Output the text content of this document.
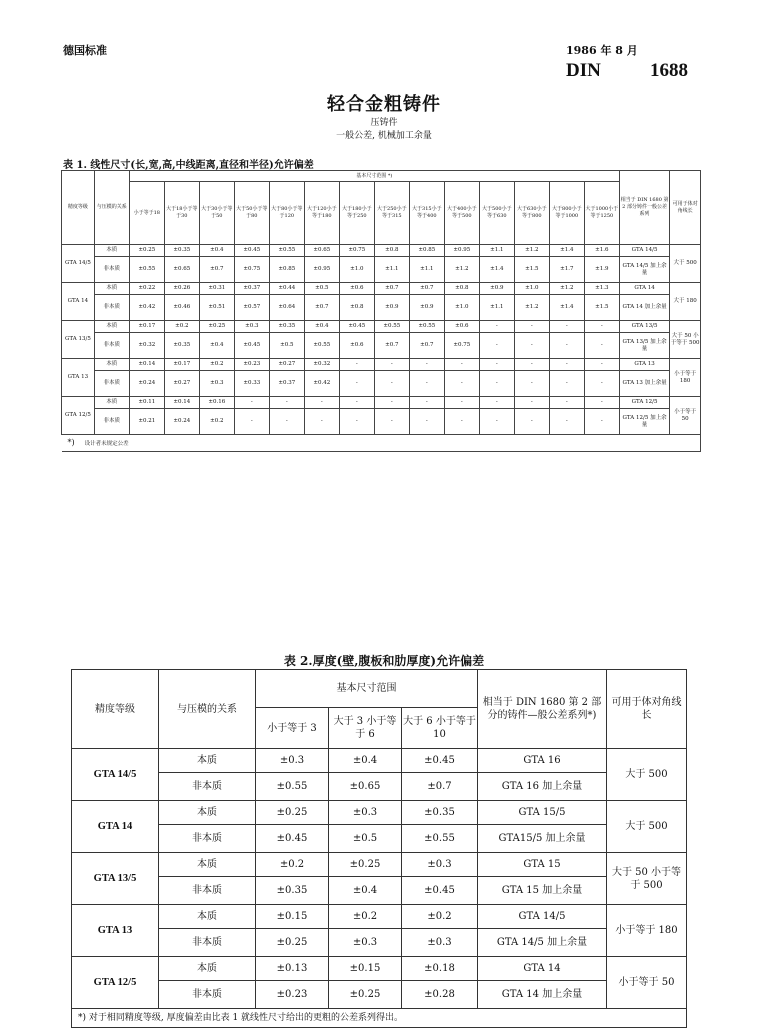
德国标准	1986 年 8 月
DIN	1688
轻合金粗铸件
压铸件
一般公差, 机械加工余量
表 1. 线性尺寸(长,宽,高,中线距离,直径和半径)允许偏差
精度等级	与压模的关系	基本尺寸范围 *)														相当于 DIN 1680 第 2 部分铸件一般公差系列	可用于体对角线长
		小于等于18	大于18小于等于30	大于30小于等于50	大于50小于等于80	大于80小于等于120	大于120小于等于180	大于180小于等于250	大于250小于等于315	大于315小于等于400	大于400小于等于500	大于500小于等于630	大于630小于等于800	大于800小于等于1000	大于1000小于等于1250		
GTA 14/5	本质	±0.25	±0.35	±0.4	±0.45	±0.55	±0.65	±0.75	±0.8	±0.85	±0.95	±1.1	±1.2	±1.4	±1.6	GTA 14/5	大于 500
	非本质	±0.55	±0.65	±0.7	±0.75	±0.85	±0.95	±1.0	±1.1	±1.1	±1.2	±1.4	±1.5	±1.7	±1.9	GTA 14/5 加上余量	
GTA 14	本质	±0.22	±0.26	±0.31	±0.37	±0.44	±0.5	±0.6	±0.7	±0.7	±0.8	±0.9	±1.0	±1.2	±1.3	GTA 14	大于 180
	非本质	±0.42	±0.46	±0.51	±0.57	±0.64	±0.7	±0.8	±0.9	±0.9	±1.0	±1.1	±1.2	±1.4	±1.5	GTA 14 加上余量	
GTA 13/5	本质	±0.17	±0.2	±0.25	±0.3	±0.35	±0.4	±0.45	±0.55	±0.55	±0.6	-	-	-	-	GTA 13/5	大于 50 小于等于 500
	非本质	±0.32	±0.35	±0.4	±0.45	±0.5	±0.55	±0.6	±0.7	±0.7	±0.75	-	-	-	-	GTA 13/5 加上余量	
GTA 13	本质	±0.14	±0.17	±0.2	±0.23	±0.27	±0.32	-	-	-	-	-	-	-	-	GTA 13	小于等于 180
	非本质	±0.24	±0.27	±0.3	±0.33	±0.37	±0.42	-	-	-	-	-	-	-	-	GTA 13 加上余量	
GTA 12/5	本质	±0.11	±0.14	±0.16	-	-	-	-	-	-	-	-	-	-	-	GTA 12/5	小于等于 50
	非本质	±0.21	±0.24	±0.2	-	-	-	-	-	-	-	-	-	-	-	GTA 12/5 加上余量	
*) 设计者未规定公差																	
表 2.厚度(壁,腹板和肋厚度)允许偏差
精度等级	与压模的关系	基本尺寸范围			相当于 DIN 1680 第 2 部分的铸件—般公差系列*)	可用于体对角线长
		小于等于 3	大于 3 小于等于 6	大于 6 小于等于 10		
GTA 14/5	本质	±0.3	±0.4	±0.45	GTA 16	大于 500
	非本质	±0.55	±0.65	±0.7	GTA 16 加上余量	
GTA 14	本质	±0.25	±0.3	±0.35	GTA 15/5	大于 500
	非本质	±0.45	±0.5	±0.55	GTA15/5 加上余量	
GTA 13/5	本质	±0.2	±0.25	±0.3	GTA 15	大于 50 小于等于 500
	非本质	±0.35	±0.4	±0.45	GTA 15 加上余量	
GTA 13	本质	±0.15	±0.2	±0.2	GTA 14/5	小于等于 180
	非本质	±0.25	±0.3	±0.3	GTA 14/5 加上余量	
GTA 12/5	本质	±0.13	±0.15	±0.18	GTA 14	小于等于 50
	非本质	±0.23	±0.25	±0.28	GTA 14 加上余量	
*) 对于相同精度等级, 厚度偏差由比表 1 就线性尺寸给出的更粗的公差系列得出。						
